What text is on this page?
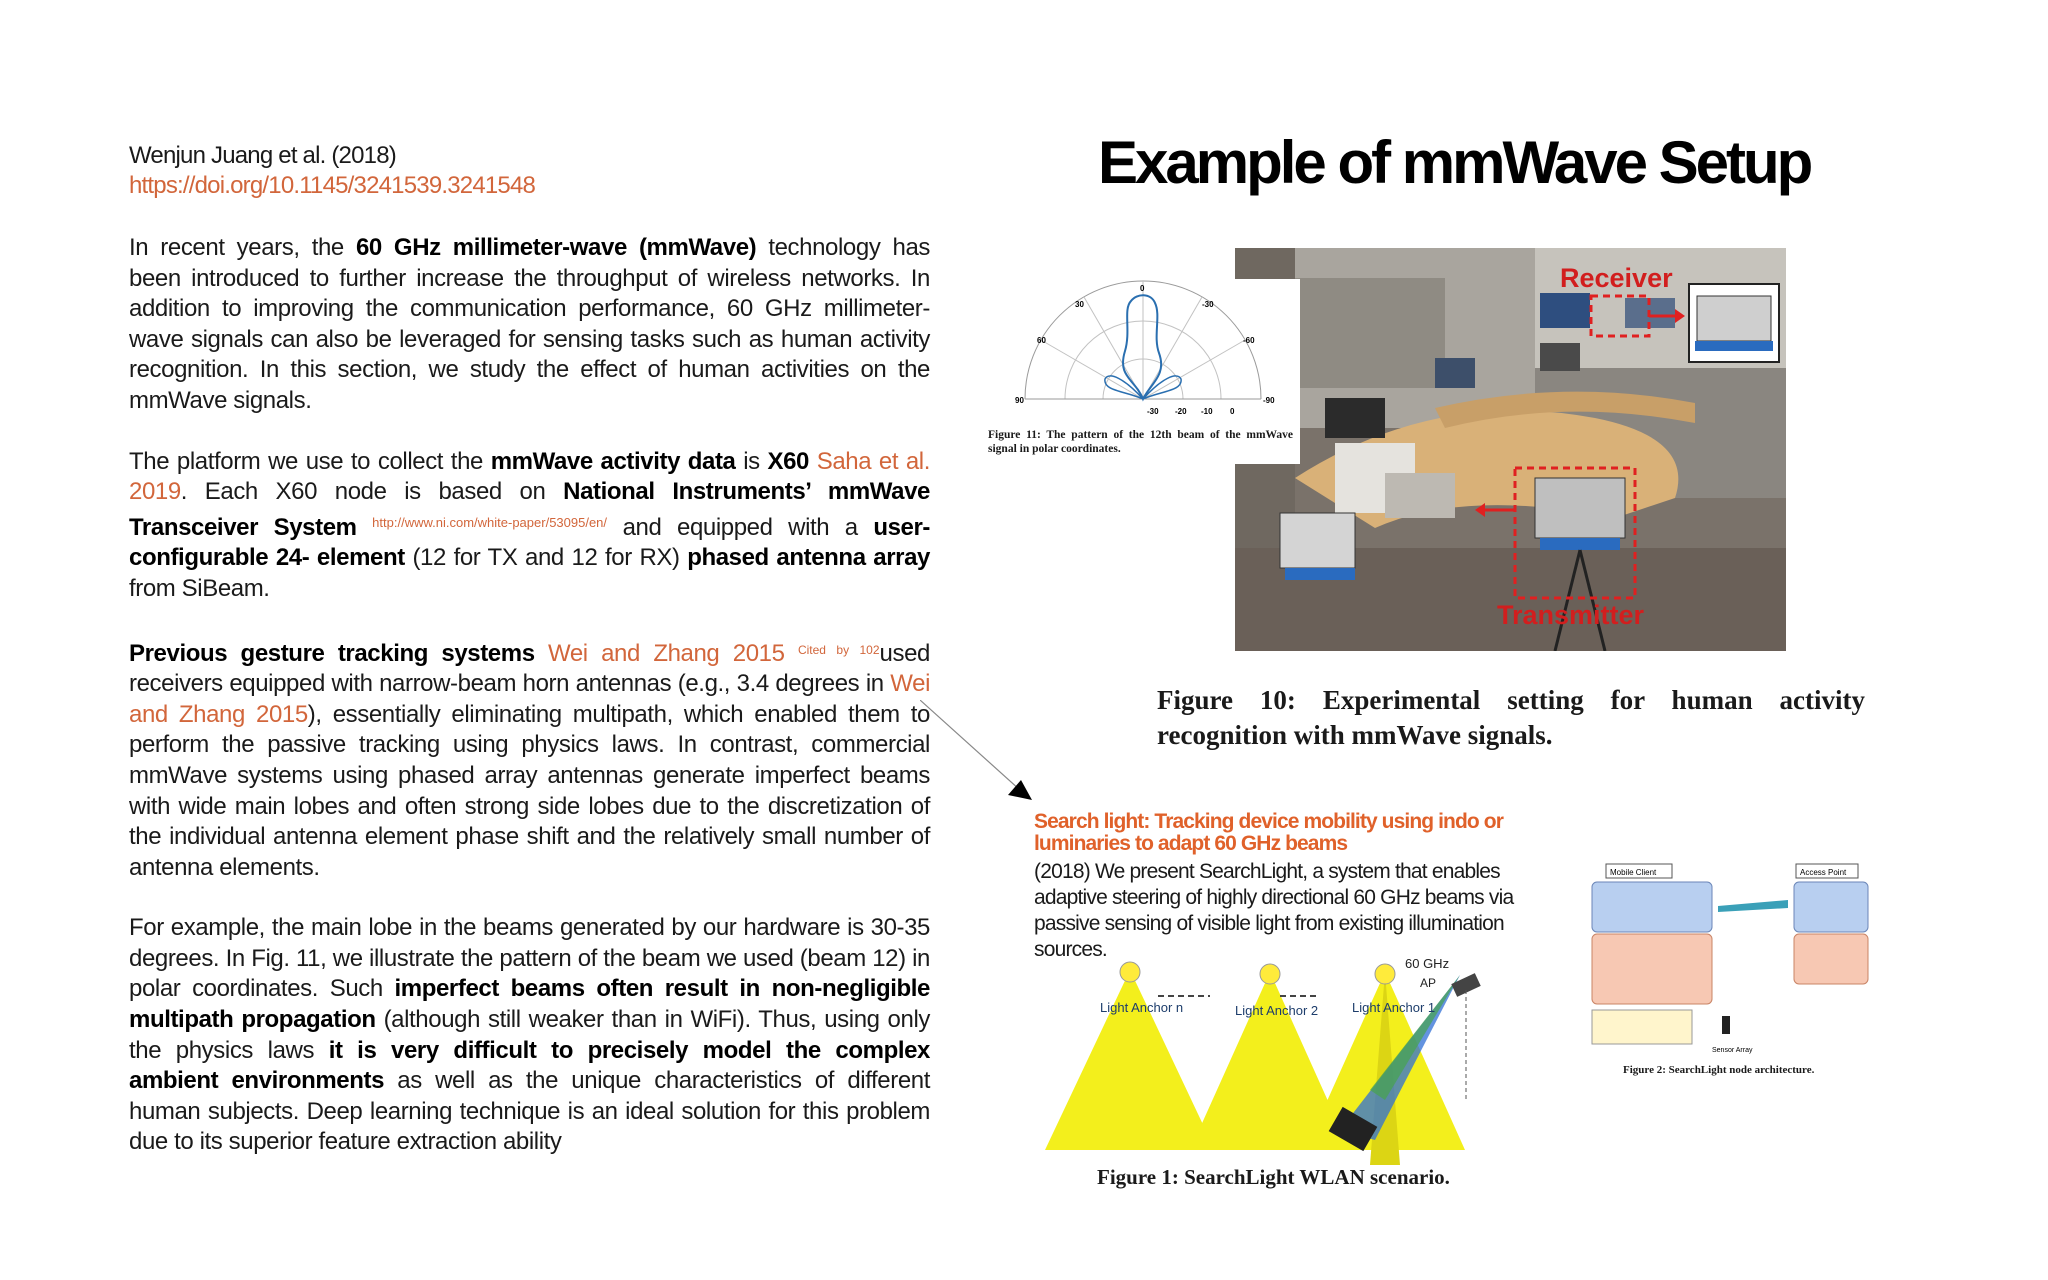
Wenjun Juang et al. (2018)
https://doi.org/10.1145/3241539.3241548
In recent years, the 60 GHz millimeter-wave (mmWave) technology has been introduced to further increase the throughput of wireless networks. In addition to improving the communication performance, 60 GHz millimeter-wave signals can also be leveraged for sensing tasks such as human activity recognition. In this section, we study the effect of human activities on the mmWave signals.
The platform we use to collect the mmWave activity data is X60 Saha et al. 2019. Each X60 node is based on National Instruments’ mmWave Transceiver System $^{http://www.ni.com/white-paper/53095/en/}$ and equipped with a user-configurable 24- element (12 for TX and 12 for RX) phased antenna array from SiBeam.
Previous gesture tracking systems Wei and Zhang 2015 $^{Cited by 102}$used receivers equipped with narrow-beam horn antennas (e.g., 3.4 degrees in Wei and Zhang 2015), essentially eliminating multipath, which enabled them to perform the passive tracking using physics laws. In contrast, commercial mmWave systems using phased array antennas generate imperfect beams with wide main lobes and often strong side lobes due to the discretization of the individual antenna element phase shift and the relatively small number of antenna elements.
For example, the main lobe in the beams generated by our hardware is 30-35 degrees. In Fig. 11, we illustrate the pattern of the beam we used (beam 12) in polar coordinates. Such imperfect beams often result in non-negligible multipath propagation (although still weaker than in WiFi). Thus, using only the physics laws it is very difficult to precisely model the complex ambient environments as well as the unique characteristics of different human subjects. Deep learning technique is an ideal solution for this problem due to its superior feature extraction ability
Example of mmWave Setup
Receiver
Transmitter
0
30	-30
60	-60
90	-90
-30 -20 -10 0
Figure 11: The pattern of the 12th beam of the mmWave signal in polar coordinates.
Figure 10: Experimental setting for human activity recognition with mmWave signals.
Search light: Tracking device mobility using indo or luminaries to adapt 60 GHz beams
(2018) We present SearchLight, a system that enables adaptive steering of highly directional 60 GHz beams via passive sensing of visible light from existing illumination sources.
Light Anchor n	Light Anchor 2	Light Anchor 1
60 GHz
AP
Figure 1: SearchLight WLAN scenario.
Mobile Client	Access Point
Sensor Array
Figure 2: SearchLight node architecture.
